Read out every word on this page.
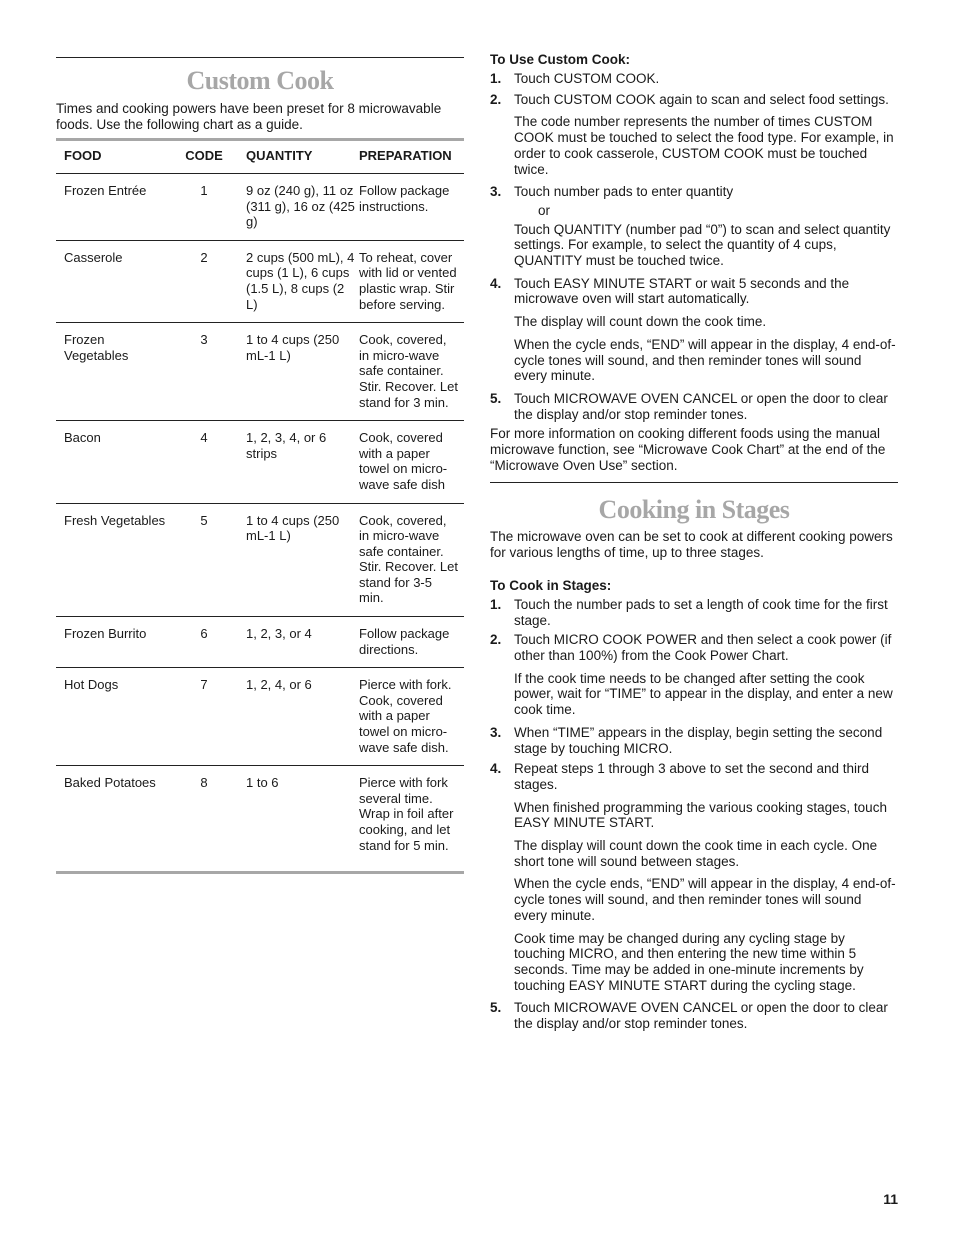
Custom Cook

Times and cooking powers have been preset for 8 microwavable foods. Use the following chart as a guide.

FOOD	CODE	QUANTITY	PREPARATION
Frozen Entrée	1	9 oz (240 g), 11 oz (311 g), 16 oz (425 g)	Follow package instructions.
Casserole	2	2 cups (500 mL), 4 cups (1 L), 6 cups (1.5 L), 8 cups (2 L)	To reheat, cover with lid or vented plastic wrap. Stir before serving.
Frozen Vegetables	3	1 to 4 cups (250 mL-1 L)	Cook, covered, in micro-wave safe container. Stir. Recover. Let stand for 3 min.
Bacon	4	1, 2, 3, 4, or 6 strips	Cook, covered with a paper towel on micro-wave safe dish
Fresh Vegetables	5	1 to 4 cups (250 mL-1 L)	Cook, covered, in micro-wave safe container. Stir. Recover. Let stand for 3-5 min.
Frozen Burrito	6	1, 2, 3, or 4	Follow package directions.
Hot Dogs	7	1, 2, 4, or 6	Pierce with fork. Cook, covered with a paper towel on micro-wave safe dish.
Baked Potatoes	8	1 to 6	Pierce with fork several time. Wrap in foil after cooking, and let stand for 5 min.

To Use Custom Cook:

1. Touch CUSTOM COOK.

2. Touch CUSTOM COOK again to scan and select food settings.

The code number represents the number of times CUSTOM COOK must be touched to select the food type. For example, in order to cook casserole, CUSTOM COOK must be touched twice.

3. Touch number pads to enter quantity

or

Touch QUANTITY (number pad “0”) to scan and select quantity settings. For example, to select the quantity of 4 cups, QUANTITY must be touched twice.

4. Touch EASY MINUTE START or wait 5 seconds and the microwave oven will start automatically.

The display will count down the cook time.

When the cycle ends, “END” will appear in the display, 4 end-of-cycle tones will sound, and then reminder tones will sound every minute.

5. Touch MICROWAVE OVEN CANCEL or open the door to clear the display and/or stop reminder tones.

For more information on cooking different foods using the manual microwave function, see “Microwave Cook Chart” at the end of the “Microwave Oven Use” section.

Cooking in Stages

The microwave oven can be set to cook at different cooking powers for various lengths of time, up to three stages.

To Cook in Stages:

1. Touch the number pads to set a length of cook time for the first stage.

2. Touch MICRO COOK POWER and then select a cook power (if other than 100%) from the Cook Power Chart.

If the cook time needs to be changed after setting the cook power, wait for “TIME” to appear in the display, and enter a new cook time.

3. When “TIME” appears in the display, begin setting the second stage by touching MICRO.

4. Repeat steps 1 through 3 above to set the second and third stages.

When finished programming the various cooking stages, touch EASY MINUTE START.

The display will count down the cook time in each cycle. One short tone will sound between stages.

When the cycle ends, “END” will appear in the display, 4 end-of-cycle tones will sound, and then reminder tones will sound every minute.

Cook time may be changed during any cycling stage by touching MICRO, and then entering the new time within 5 seconds. Time may be added in one-minute increments by touching EASY MINUTE START during the cycling stage.

5. Touch MICROWAVE OVEN CANCEL or open the door to clear the display and/or stop reminder tones.

11
